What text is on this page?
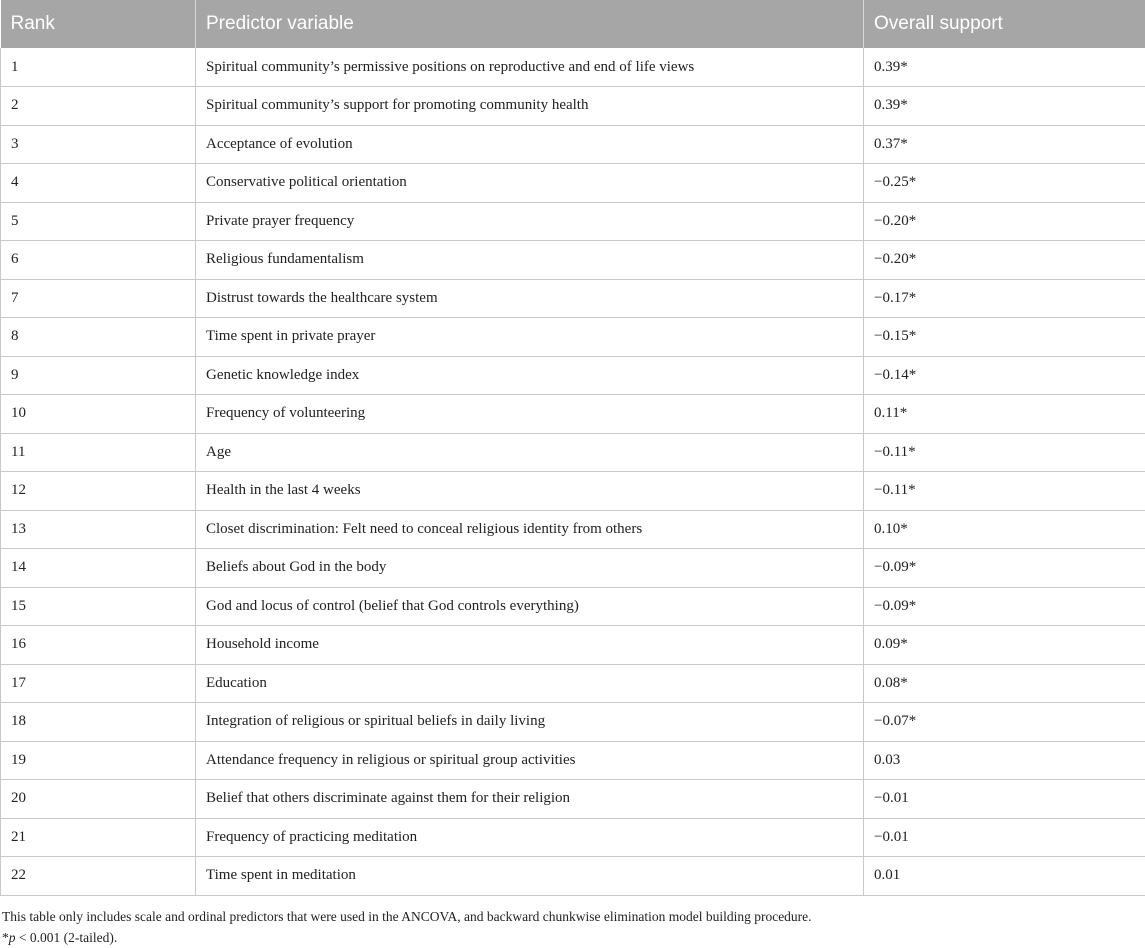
Rank	Predictor variable	Overall support
1	Spiritual community’s permissive positions on reproductive and end of life views	0.39*
2	Spiritual community’s support for promoting community health	0.39*
3	Acceptance of evolution	0.37*
4	Conservative political orientation	−0.25*
5	Private prayer frequency	−0.20*
6	Religious fundamentalism	−0.20*
7	Distrust towards the healthcare system	−0.17*
8	Time spent in private prayer	−0.15*
9	Genetic knowledge index	−0.14*
10	Frequency of volunteering	0.11*
11	Age	−0.11*
12	Health in the last 4 weeks	−0.11*
13	Closet discrimination: Felt need to conceal religious identity from others	0.10*
14	Beliefs about God in the body	−0.09*
15	God and locus of control (belief that God controls everything)	−0.09*
16	Household income	0.09*
17	Education	0.08*
18	Integration of religious or spiritual beliefs in daily living	−0.07*
19	Attendance frequency in religious or spiritual group activities	0.03
20	Belief that others discriminate against them for their religion	−0.01
21	Frequency of practicing meditation	−0.01
22	Time spent in meditation	0.01
This table only includes scale and ordinal predictors that were used in the ANCOVA, and backward chunkwise elimination model building procedure.
*p < 0.001 (2-tailed).
